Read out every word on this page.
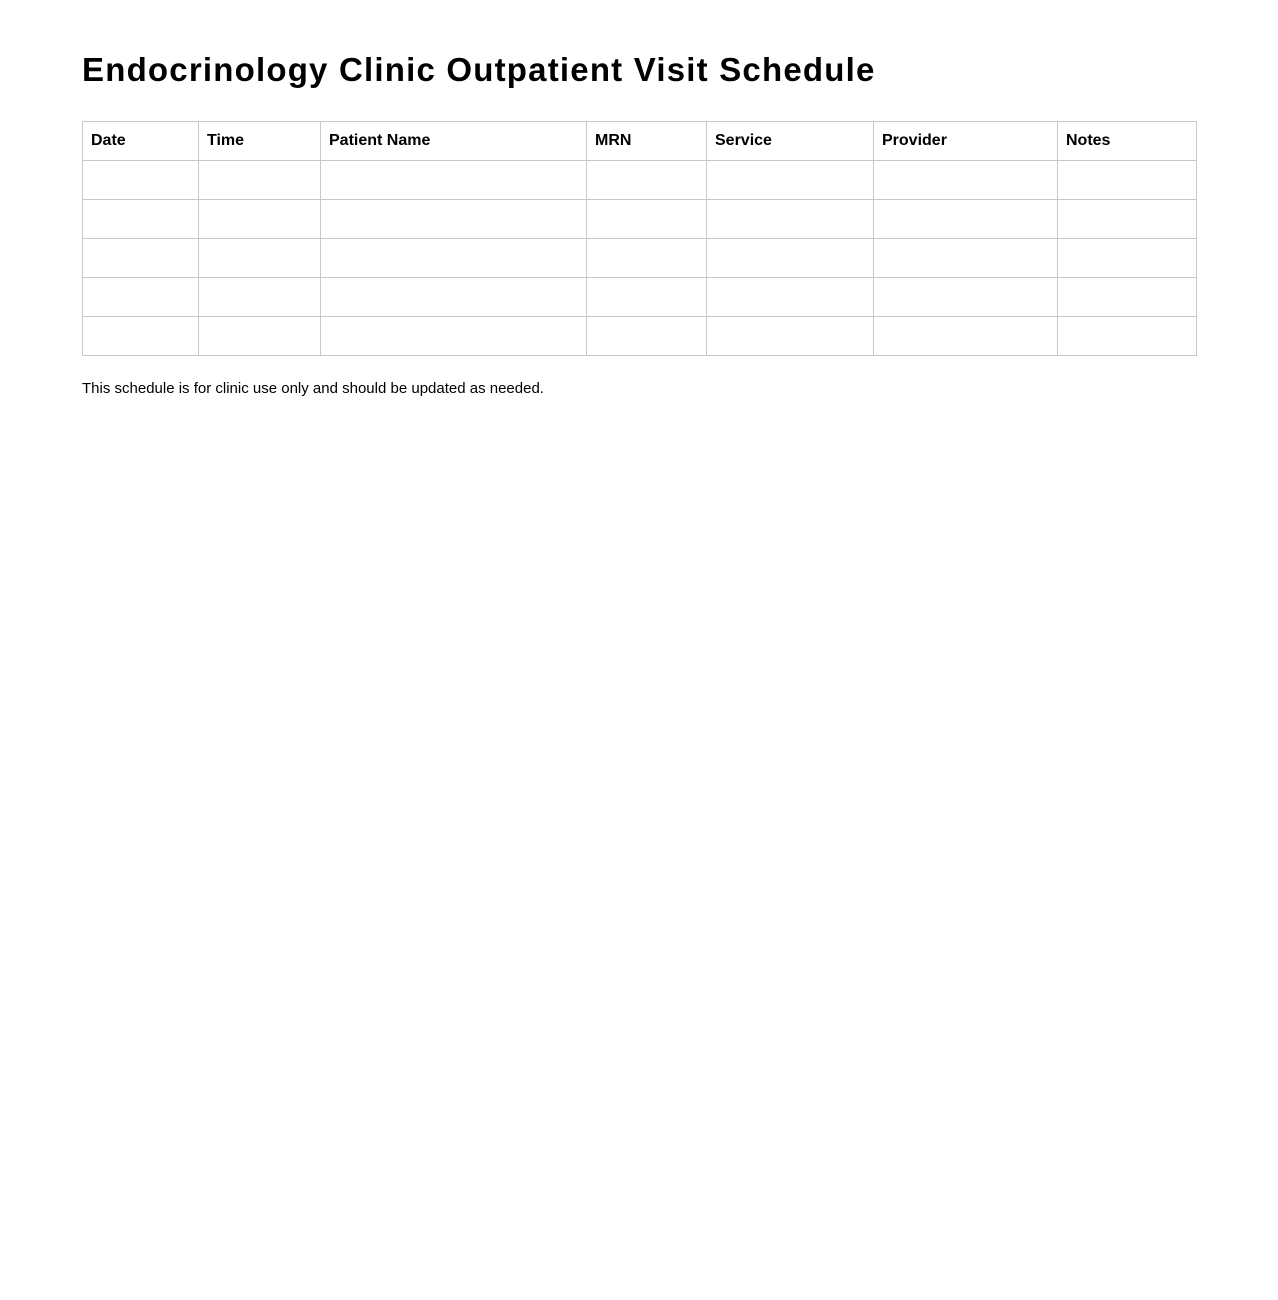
Endocrinology Clinic Outpatient Visit Schedule
Date	Time	Patient Name	MRN	Service	Provider	Notes

This schedule is for clinic use only and should be updated as needed.
